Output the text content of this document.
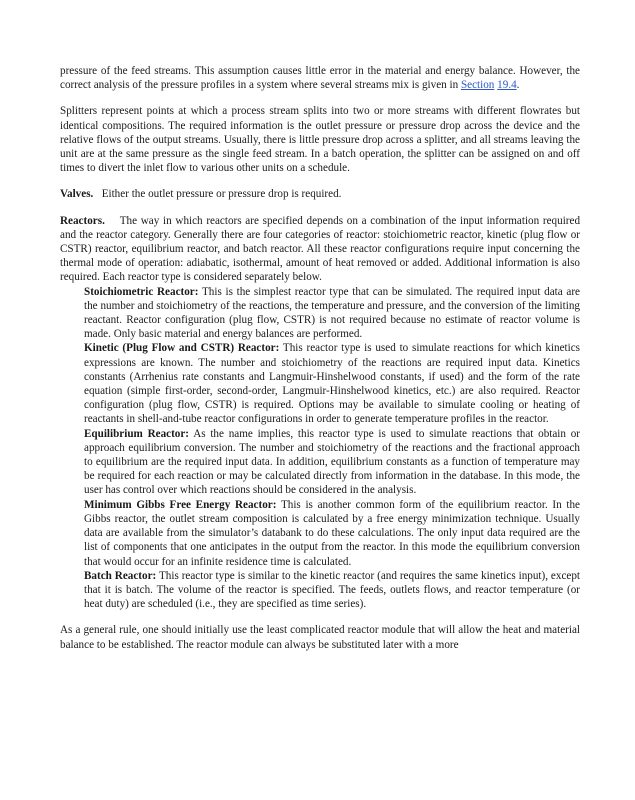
pressure of the feed streams. This assumption causes little error in the material and energy balance. However, the correct analysis of the pressure profiles in a system where several streams mix is given in Section 19.4.

Splitters represent points at which a process stream splits into two or more streams with different flowrates but identical compositions. The required information is the outlet pressure or pressure drop across the device and the relative flows of the output streams. Usually, there is little pressure drop across a splitter, and all streams leaving the unit are at the same pressure as the single feed stream. In a batch operation, the splitter can be assigned on and off times to divert the inlet flow to various other units on a schedule.

Valves. Either the outlet pressure or pressure drop is required.

Reactors. The way in which reactors are specified depends on a combination of the input information required and the reactor category. Generally there are four categories of reactor: stoichiometric reactor, kinetic (plug flow or CSTR) reactor, equilibrium reactor, and batch reactor. All these reactor configurations require input concerning the thermal mode of operation: adiabatic, isothermal, amount of heat removed or added. Additional information is also required. Each reactor type is considered separately below.

Stoichiometric Reactor: This is the simplest reactor type that can be simulated. The required input data are the number and stoichiometry of the reactions, the temperature and pressure, and the conversion of the limiting reactant. Reactor configuration (plug flow, CSTR) is not required because no estimate of reactor volume is made. Only basic material and energy balances are performed.

Kinetic (Plug Flow and CSTR) Reactor: This reactor type is used to simulate reactions for which kinetics expressions are known. The number and stoichiometry of the reactions are required input data. Kinetics constants (Arrhenius rate constants and Langmuir-Hinshelwood constants, if used) and the form of the rate equation (simple first-order, second-order, Langmuir-Hinshelwood kinetics, etc.) are also required. Reactor configuration (plug flow, CSTR) is required. Options may be available to simulate cooling or heating of reactants in shell-and-tube reactor configurations in order to generate temperature profiles in the reactor.

Equilibrium Reactor: As the name implies, this reactor type is used to simulate reactions that obtain or approach equilibrium conversion. The number and stoichiometry of the reactions and the fractional approach to equilibrium are the required input data. In addition, equilibrium constants as a function of temperature may be required for each reaction or may be calculated directly from information in the database. In this mode, the user has control over which reactions should be considered in the analysis.

Minimum Gibbs Free Energy Reactor: This is another common form of the equilibrium reactor. In the Gibbs reactor, the outlet stream composition is calculated by a free energy minimization technique. Usually data are available from the simulator’s databank to do these calculations. The only input data required are the list of components that one anticipates in the output from the reactor. In this mode the equilibrium conversion that would occur for an infinite residence time is calculated.

Batch Reactor: This reactor type is similar to the kinetic reactor (and requires the same kinetics input), except that it is batch. The volume of the reactor is specified. The feeds, outlets flows, and reactor temperature (or heat duty) are scheduled (i.e., they are specified as time series).

As a general rule, one should initially use the least complicated reactor module that will allow the heat and material balance to be established. The reactor module can always be substituted later with a more
